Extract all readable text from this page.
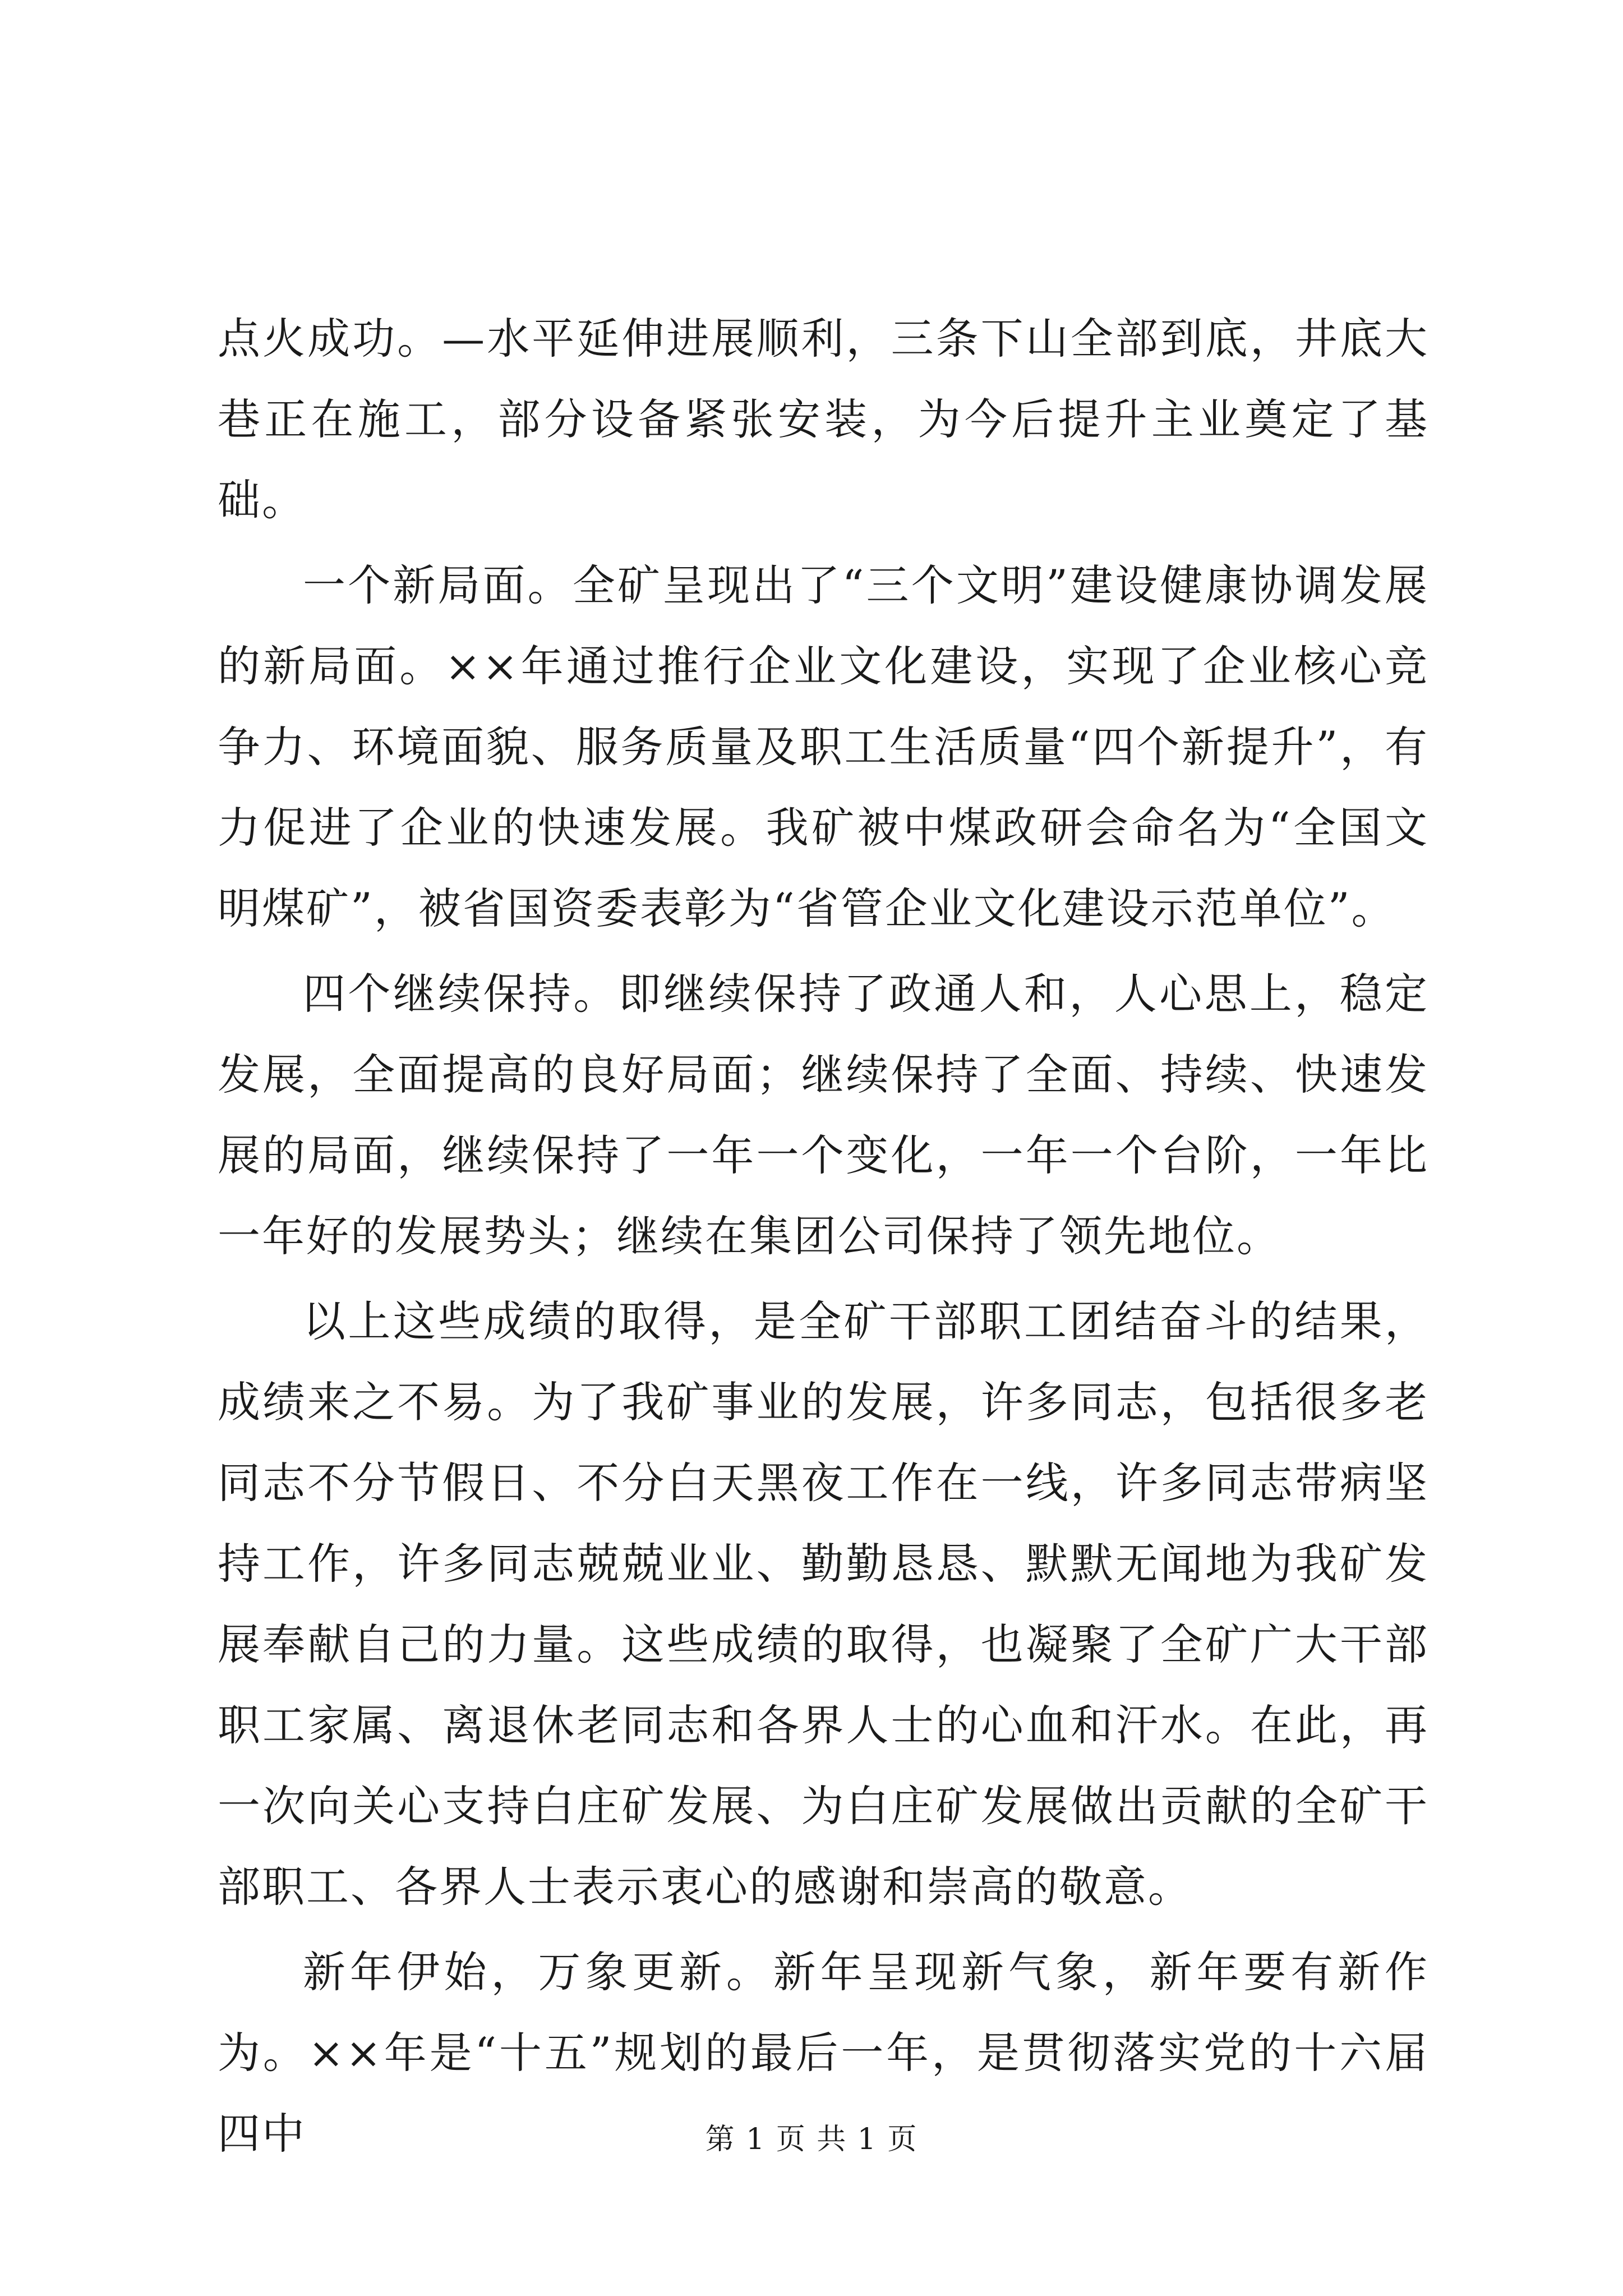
点火成功。—水平延伸进展顺利，三条下山全部到底，井底大巷正在施工，部分设备紧张安装，为今后提升主业奠定了基础。

一个新局面。全矿呈现出了“三个文明”建设健康协调发展的新局面。××年通过推行企业文化建设，实现了企业核心竞争力、环境面貌、服务质量及职工生活质量“四个新提升”，有力促进了企业的快速发展。我矿被中煤政研会命名为“全国文明煤矿”，被省国资委表彰为“省管企业文化建设示范单位”。

四个继续保持。即继续保持了政通人和，人心思上，稳定发展，全面提高的良好局面；继续保持了全面、持续、快速发展的局面，继续保持了一年一个变化，一年一个台阶，一年比一年好的发展势头；继续在集团公司保持了领先地位。

以上这些成绩的取得，是全矿干部职工团结奋斗的结果，成绩来之不易。为了我矿事业的发展，许多同志，包括很多老同志不分节假日、不分白天黑夜工作在一线，许多同志带病坚持工作，许多同志兢兢业业、勤勤恳恳、默默无闻地为我矿发展奉献自己的力量。这些成绩的取得，也凝聚了全矿广大干部职工家属、离退休老同志和各界人士的心血和汗水。在此，再一次向关心支持白庄矿发展、为白庄矿发展做出贡献的全矿干部职工、各界人士表示衷心的感谢和崇高的敬意。

新年伊始，万象更新。新年呈现新气象，新年要有新作为。××年是“十五”规划的最后一年，是贯彻落实党的十六届四中	第 1 页 共 1 页
